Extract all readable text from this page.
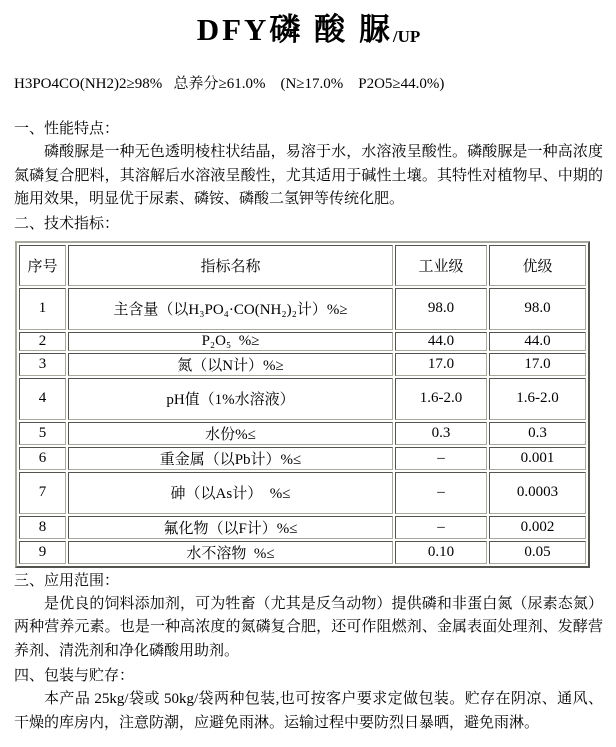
DFY磷 酸 脲/UP
H3PO4CO(NH2)2≥98%   总养分≥61.0%    (N≥17.0%    P2O5≥44.0%)
一、性能特点：

磷酸脲是一种无色透明棱柱状结晶，易溶于水，水溶液呈酸性。磷酸脲是一种高浓度氮磷复合肥料，其溶解后水溶液呈酸性，尤其适用于碱性土壤。其特性对植物早、中期的施用效果，明显优于尿素、磷铵、磷酸二氢钾等传统化肥。

二、技术指标：
序号	指标名称	工业级	优级
1	主含量（以H₃PO₄·CO(NH₂)₂计）%≥	98.0	98.0
2	P₂O₅  %≥	44.0	44.0
3	氮（以N计）%≥	17.0	17.0
4	pH值（1%水溶液）	1.6-2.0	1.6-2.0
5	水份%≤	0.3	0.3
6	重金属（以Pb计）%≤	–	0.001
7	砷（以As计）  %≤	–	0.0003
8	氟化物（以F计）%≤	–	0.002
9	水不溶物  %≤	0.10	0.05
三、应用范围：

是优良的饲料添加剂，可为牲畜（尤其是反刍动物）提供磷和非蛋白氮（尿素态氮）两种营养元素。也是一种高浓度的氮磷复合肥，还可作阻燃剂、金属表面处理剂、发酵营养剂、清洗剂和净化磷酸用助剂。

四、包装与贮存：

本产品 25kg/袋或 50kg/袋两种包装,也可按客户要求定做包装。贮存在阴凉、通风、干燥的库房内，注意防潮，应避免雨淋。运输过程中要防烈日暴晒，避免雨淋。
